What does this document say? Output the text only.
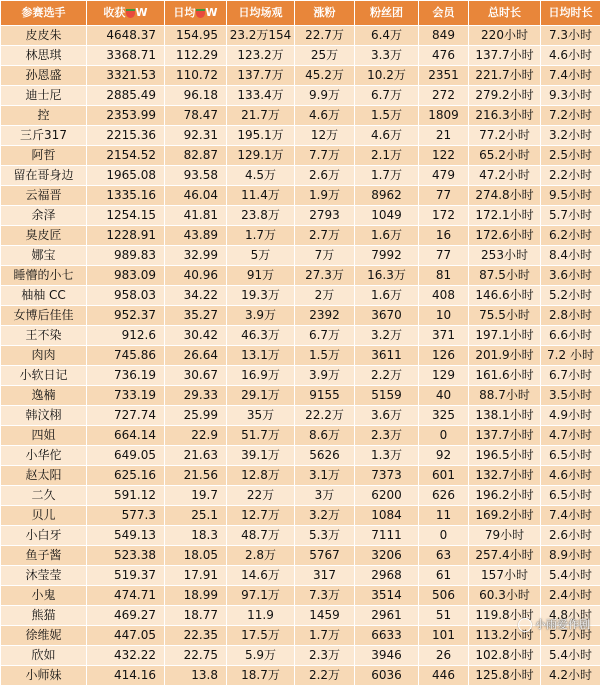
参赛选手	收获 W	日均 W	日均场观	涨粉	粉丝团	会员	总时长	日均时长
皮皮朱	4648.37	154.95	23.2万154	22.7万	6.4万	849	220小时	7.3小时
林思琪	3368.71	112.29	123.2万	25万	3.3万	476	137.7小时	4.6小时
孙恩盛	3321.53	110.72	137.7万	45.2万	10.2万	2351	221.7小时	7.4小时
迪士尼	2885.49	96.18	133.4万	9.9万	6.7万	272	279.2小时	9.3小时
控	2353.99	78.47	21.7万	4.6万	1.5万	1809	216.3小时	7.2小时
三斤317	2215.36	92.31	195.1万	12万	4.6万	21	77.2小时	3.2小时
阿哲	2154.52	82.87	129.1万	7.7万	2.1万	122	65.2小时	2.5小时
留在哥身边	1965.08	93.58	4.5万	2.6万	1.7万	479	47.2小时	2.2小时
云福晋	1335.16	46.04	11.4万	1.9万	8962	77	274.8小时	9.5小时
余泽	1254.15	41.81	23.8万	2793	1049	172	172.1小时	5.7小时
臭皮匠	1228.91	43.89	1.7万	2.7万	1.6万	16	172.6小时	6.2小时
娜宝	989.83	32.99	5万	7万	7992	77	253小时	8.4小时
睡懵的小七	983.09	40.96	91万	27.3万	16.3万	81	87.5小时	3.6小时
柚柚 CC	958.03	34.22	19.3万	2万	1.6万	408	146.6小时	5.2小时
女博后佳佳	952.37	35.27	3.9万	2392	3670	10	75.5小时	2.8小时
王不染	912.6	30.42	46.3万	6.7万	3.2万	371	197.1小时	6.6小时
肉肉	745.86	26.64	13.1万	1.5万	3611	126	201.9小时	7.2 小时
小软日记	736.19	30.67	16.9万	3.9万	2.2万	129	161.6小时	6.7小时
逸楠	733.19	29.33	29.1万	9155	5159	40	88.7小时	3.5小时
韩汶栩	727.74	25.99	35万	22.2万	3.6万	325	138.1小时	4.9小时
四姐	664.14	22.9	51.7万	8.6万	2.3万	0	137.7小时	4.7小时
小华佗	649.05	21.63	39.1万	5626	1.3万	92	196.5小时	6.5小时
赵太阳	625.16	21.56	12.8万	3.1万	7373	601	132.7小时	4.6小时
二久	591.12	19.7	22万	3万	6200	626	196.2小时	6.5小时
贝儿	577.3	25.1	12.7万	3.2万	1084	11	169.2小时	7.4小时
小白牙	549.13	18.3	48.7万	5.3万	7111	0	79小时	2.6小时
鱼子酱	523.38	18.05	2.8万	5767	3206	63	257.4小时	8.9小时
沐莹莹	519.37	17.91	14.6万	317	2968	61	157小时	5.4小时
小鬼	474.71	18.99	97.1万	7.3万	3514	506	60.3小时	2.4小时
熊猫	469.27	18.77	11.9	1459	2961	51	119.8小时	4.8小时
徐维妮	447.05	22.35	17.5万	1.7万	6633	101	113.2小时	5.7小时
欣如	432.22	22.75	5.9万	2.3万	3946	26	102.8小时	5.4小时
小师妹	414.16	13.8	18.7万	2.2万	6036	446	125.8小时	4.2小时
小雨爱作剧
